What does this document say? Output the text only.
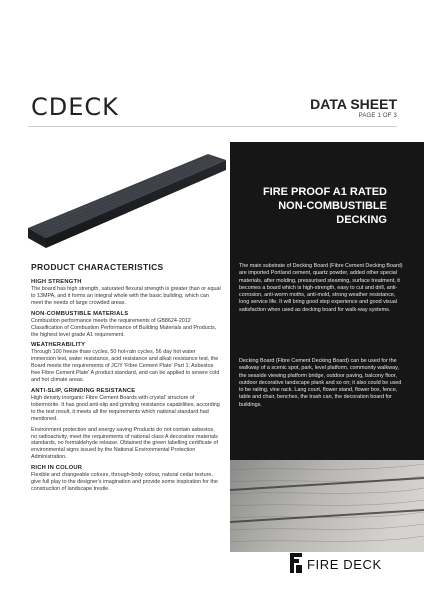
CDECK	DATA SHEET
PAGE 1 OF 3
FIRE PROOF A1 RATED
NON-COMBUSTIBLE
DECKING
The main substrate of Decking Board (Fibre Cement Decking Board) are imported Portland cement, quartz powder, added other special materials, after molding, pressurised steaming, surface treatment, it becomes a board which is high-strength, easy to cut and drill, anti-corrosion, anti-worm moths, anti-mold, strong weather resistance, long service life. It will bring good step experience and good visual satisfaction when used as decking board for walk-way systems.
Decking Board (Fibre Cement Decking Board) can be used for the walkway of a scenic spot, park, level platform, community walkway, the seaside viewing platform bridge, outdoor paving, balcony floor, outdoor decorative landscape plank and so on; it also could be used to be railing, vine rack. Lang court, flower stand, flower box, fence, table and chair, benches, the trash can, the decoration board for buildings.
FIRE DECK
PRODUCT CHARACTERISTICS
HIGH STRENGTH
The board has high strength, saturated flexural strength is greater than or equal to 13MPA, and it forms an integral whole with the basic building, which can meet the needs of large crowded areas.
NON-COMBUSTIBLE MATERIALS
Combustion performance meets the requirements of GB8624-2012 Classification of Combustion Performance of Building Materials and Products, the highest level grade A1 requirement.
WEATHERABILITY
Through 100 freeze thaw cycles, 50 hot-rain cycles, 56 day hot water immersion test, water resistance, acid resistance and alkali resistance test, the Board meets the requirements of JC/Y 'Fibre Cement Plate' Part 1: Asbestos free Fibre Cement Plate' A product standard, and can be applied to severe cold and hot climate areas.
ANTI-SLIP, GRINDING RESISTANCE
High density inorganic Fibre Cement Boards with crystal' structure of tobermorite. It has good anti-slip and grinding resistance capabilities, according to the test result, it meets all the requirements which national standard had mentioned.
Environment protection and energy saving Products do not contain asbestos, no radioactivity, meet the requirements of national class A decorative materials standards, no formaldehyde release. Obtained the green labelling certificate of environmental signs issued by the National Environmental Protection Administration.
RICH IN COLOUR
Flexible and changeable colours, through-body colour, natural cedar texture, give full play to the designer's imagination and provide some inspiration for the construction of landscape trestle.
